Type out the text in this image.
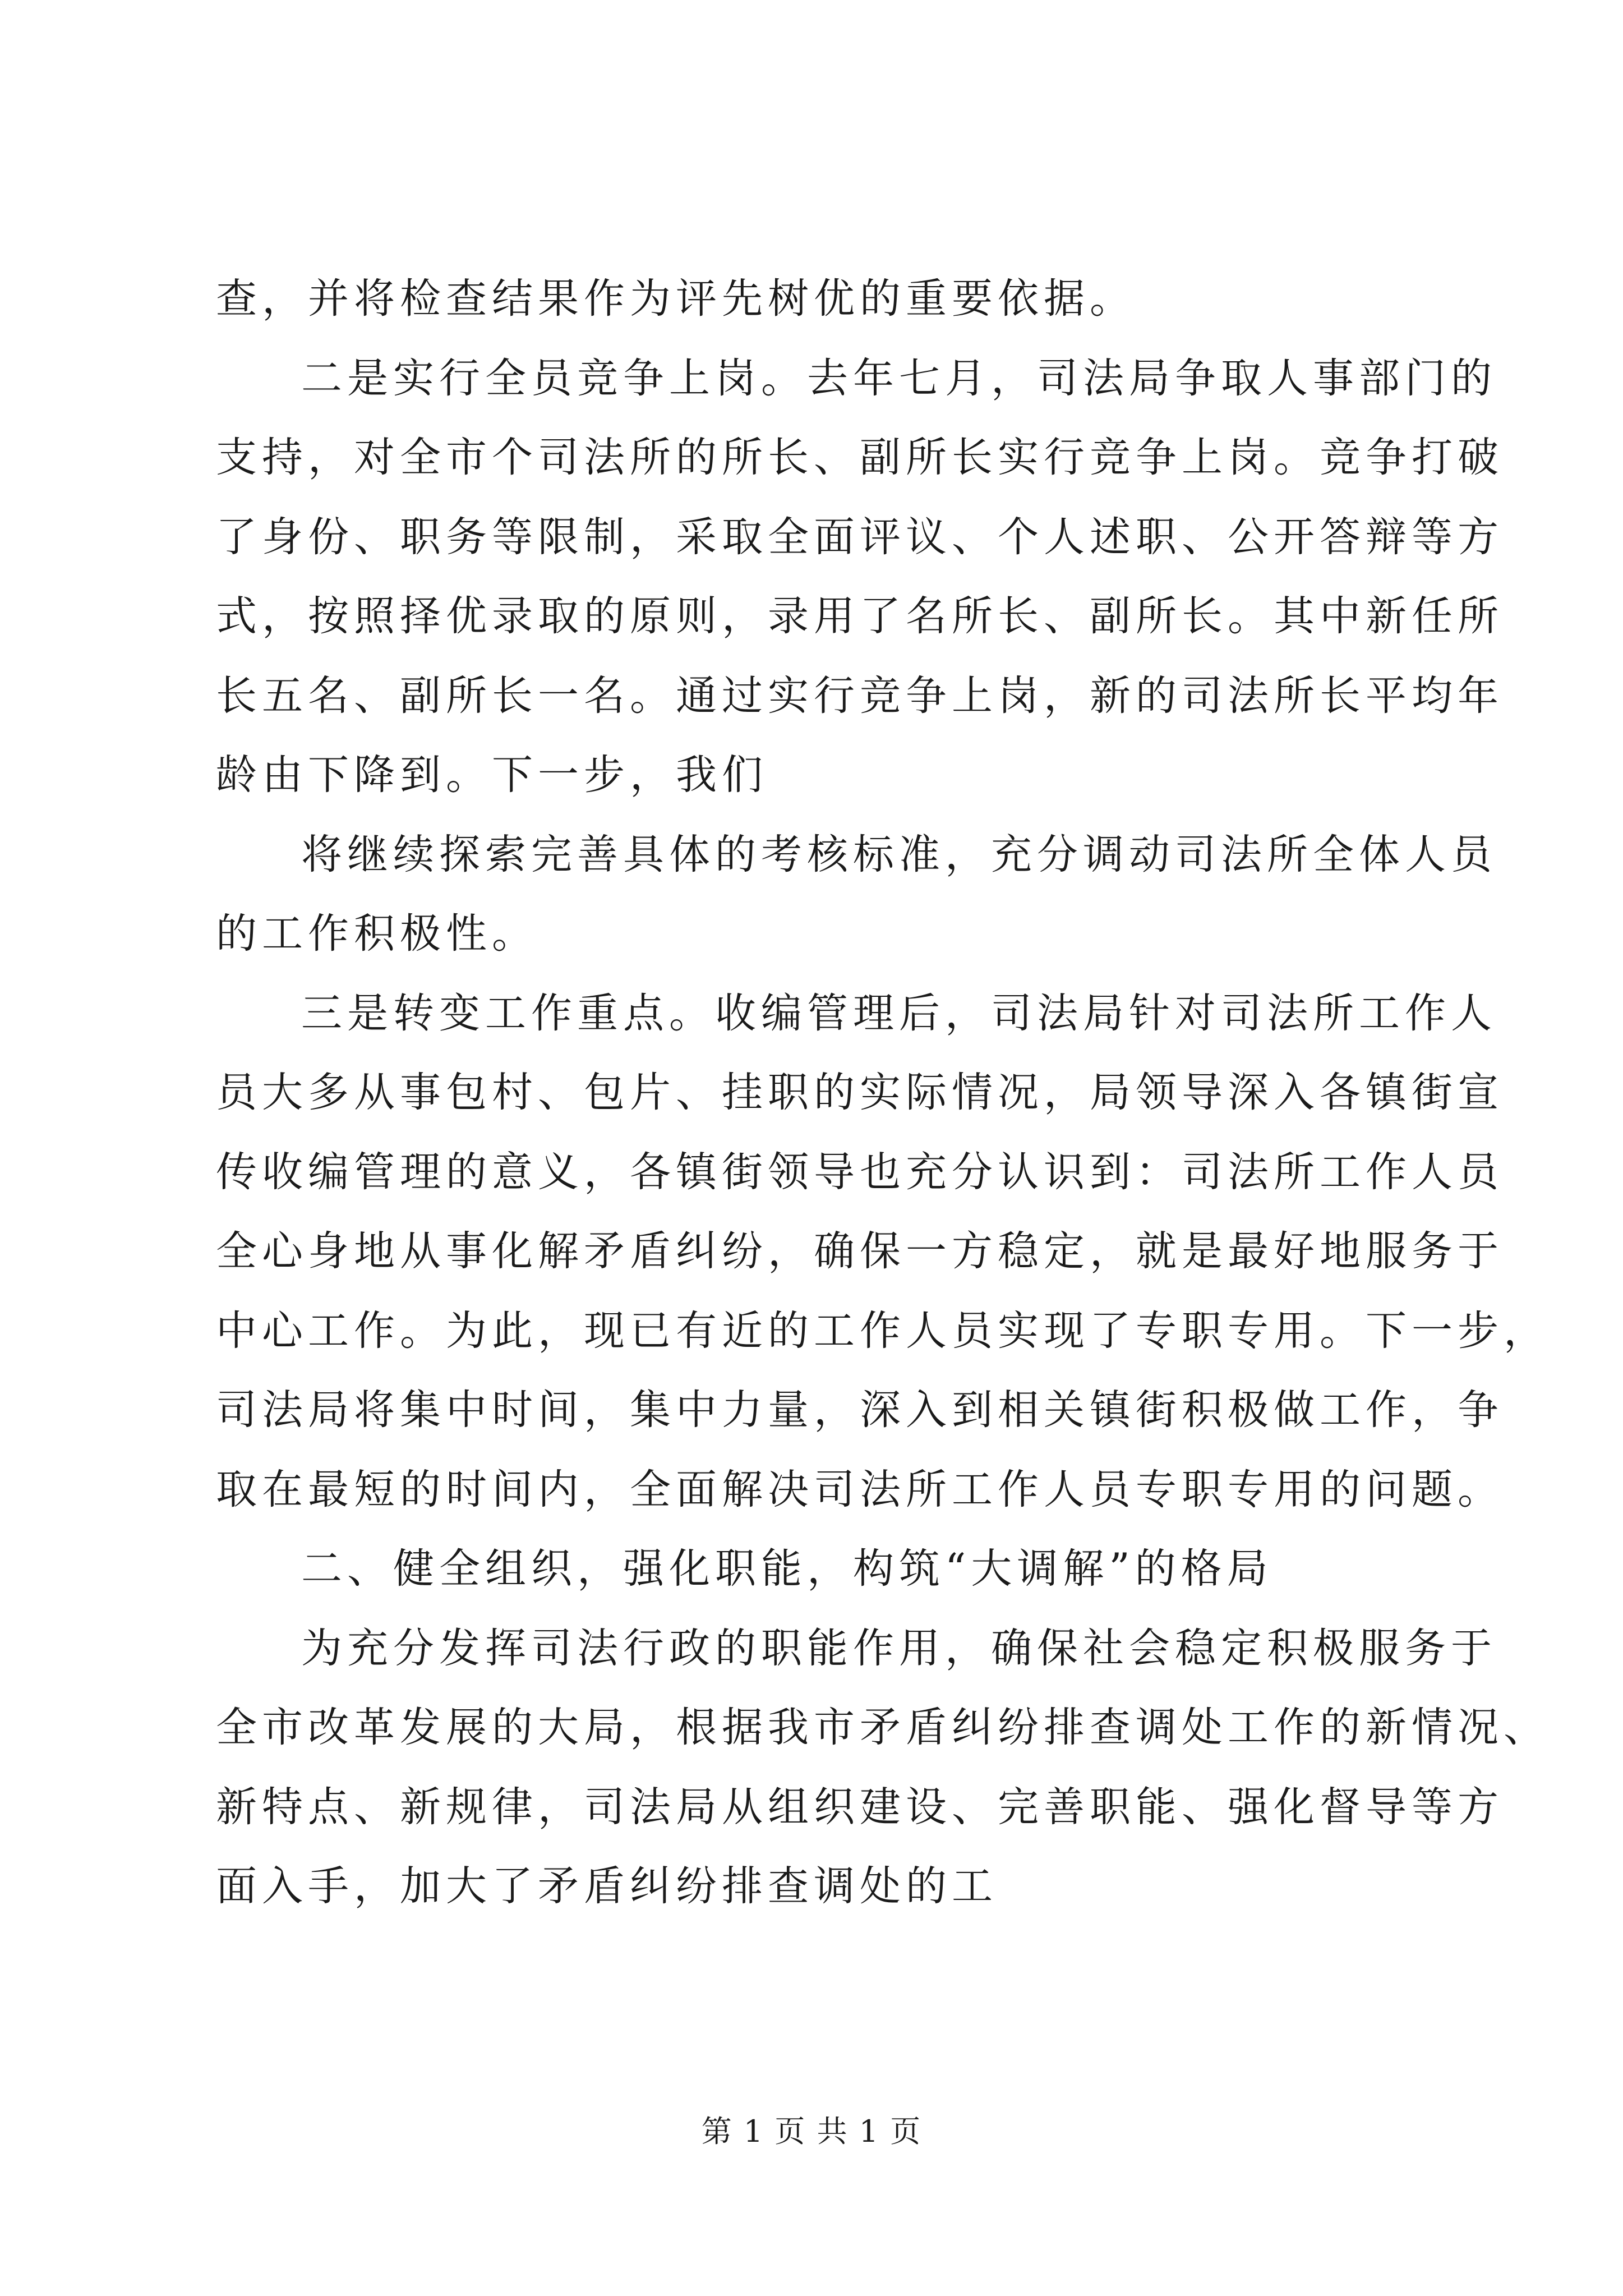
查，并将检查结果作为评先树优的重要依据。
二是实行全员竞争上岗。去年七月，司法局争取人事部门的
支持，对全市个司法所的所长、副所长实行竞争上岗。竞争打破
了身份、职务等限制，采取全面评议、个人述职、公开答辩等方
式，按照择优录取的原则，录用了名所长、副所长。其中新任所
长五名、副所长一名。通过实行竞争上岗，新的司法所长平均年
龄由下降到。下一步，我们
将继续探索完善具体的考核标准，充分调动司法所全体人员
的工作积极性。
三是转变工作重点。收编管理后，司法局针对司法所工作人
员大多从事包村、包片、挂职的实际情况，局领导深入各镇街宣
传收编管理的意义，各镇街领导也充分认识到：司法所工作人员
全心身地从事化解矛盾纠纷，确保一方稳定，就是最好地服务于
中心工作。为此，现已有近的工作人员实现了专职专用。下一步，
司法局将集中时间，集中力量，深入到相关镇街积极做工作，争
取在最短的时间内，全面解决司法所工作人员专职专用的问题。
二、健全组织，强化职能，构筑“大调解”的格局
为充分发挥司法行政的职能作用，确保社会稳定积极服务于
全市改革发展的大局，根据我市矛盾纠纷排查调处工作的新情况、
新特点、新规律，司法局从组织建设、完善职能、强化督导等方
面入手，加大了矛盾纠纷排查调处的工
第 1 页 共 1 页
